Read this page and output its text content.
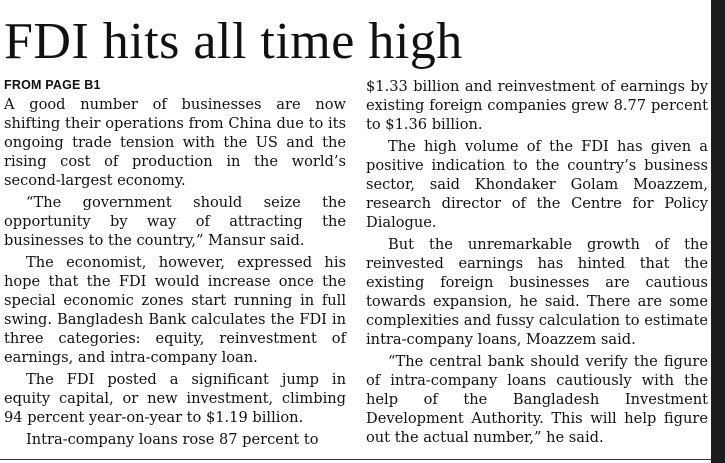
FDI hits all time high
FROM PAGE B1

A good number of businesses are now shifting their operations from China due to its ongoing trade tension with the US and the rising cost of production in the world’s second-largest economy.

“The government should seize the opportunity by way of attracting the businesses to the country,” Mansur said.

The economist, however, expressed his hope that the FDI would increase once the special economic zones start running in full swing. Bangladesh Bank calculates the FDI in three categories: equity, reinvestment of earnings, and intra-company loan.

The FDI posted a significant jump in equity capital, or new investment, climbing 94 percent year-on-year to $1.19 billion.

Intra-company loans rose 87 percent to

$1.33 billion and reinvestment of earnings by existing foreign companies grew 8.77 percent to $1.36 billion.

The high volume of the FDI has given a positive indication to the country’s business sector, said Khondaker Golam Moazzem, research director of the Centre for Policy Dialogue.

But the unremarkable growth of the reinvested earnings has hinted that the existing foreign businesses are cautious towards expansion, he said. There are some complexities and fussy calculation to estimate intra-company loans, Moazzem said.

“The central bank should verify the figure of intra-company loans cautiously with the help of the Bangladesh Investment Development Authority. This will help figure out the actual number,” he said.
